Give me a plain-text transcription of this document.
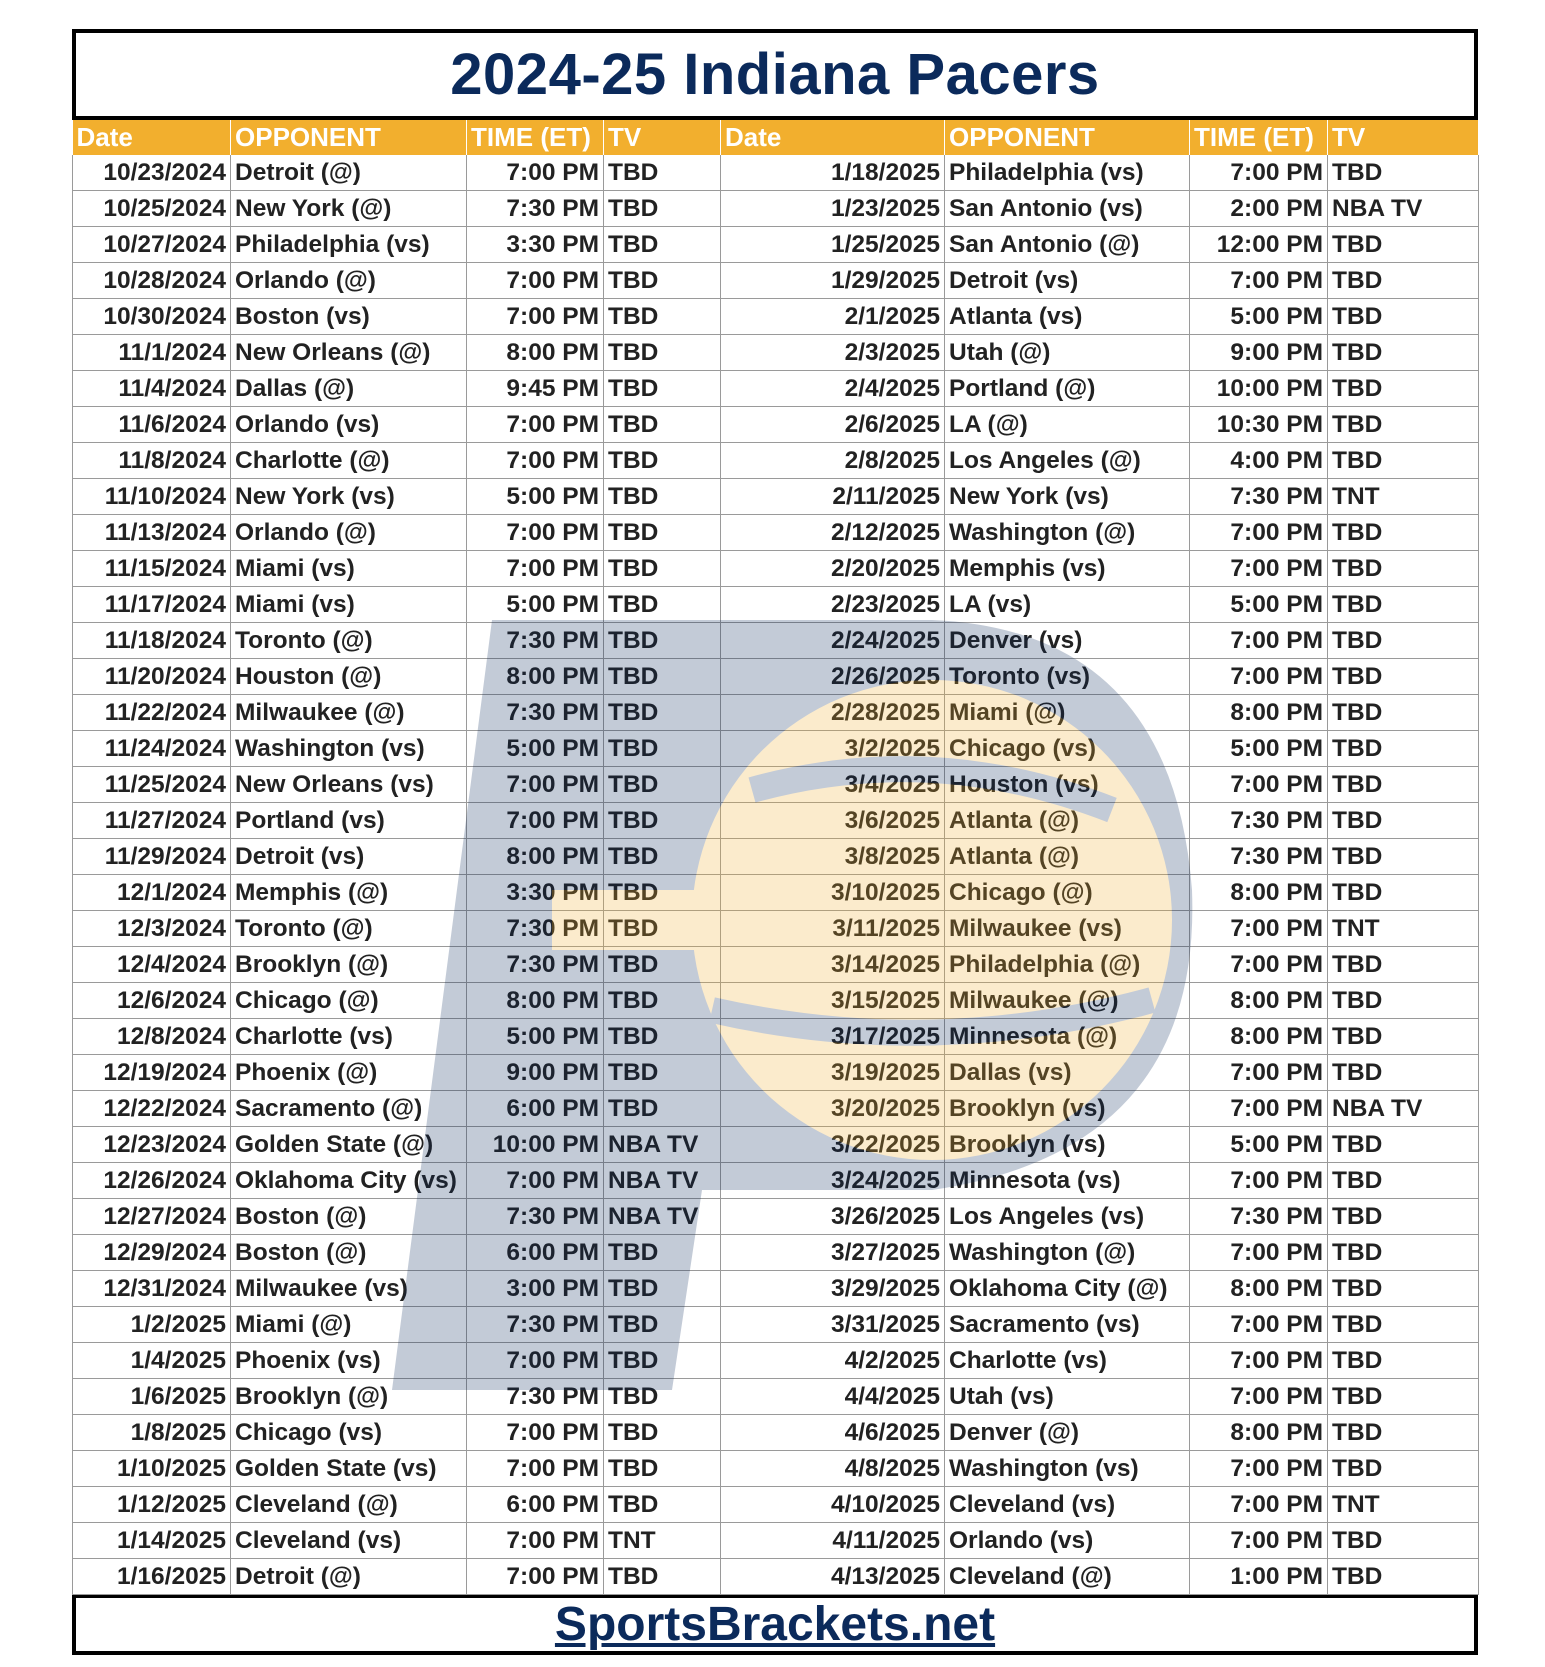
2024-25 Indiana Pacers
Date	OPPONENT	TIME (ET)	TV	Date	OPPONENT	TIME (ET)	TV
10/23/2024	Detroit (@)	7:00 PM	TBD	1/18/2025	Philadelphia (vs)	7:00 PM	TBD
10/25/2024	New York (@)	7:30 PM	TBD	1/23/2025	San Antonio (vs)	2:00 PM	NBA TV
10/27/2024	Philadelphia (vs)	3:30 PM	TBD	1/25/2025	San Antonio (@)	12:00 PM	TBD
10/28/2024	Orlando (@)	7:00 PM	TBD	1/29/2025	Detroit (vs)	7:00 PM	TBD
10/30/2024	Boston (vs)	7:00 PM	TBD	2/1/2025	Atlanta (vs)	5:00 PM	TBD
11/1/2024	New Orleans (@)	8:00 PM	TBD	2/3/2025	Utah (@)	9:00 PM	TBD
11/4/2024	Dallas (@)	9:45 PM	TBD	2/4/2025	Portland (@)	10:00 PM	TBD
11/6/2024	Orlando (vs)	7:00 PM	TBD	2/6/2025	LA (@)	10:30 PM	TBD
11/8/2024	Charlotte (@)	7:00 PM	TBD	2/8/2025	Los Angeles (@)	4:00 PM	TBD
11/10/2024	New York (vs)	5:00 PM	TBD	2/11/2025	New York (vs)	7:30 PM	TNT
11/13/2024	Orlando (@)	7:00 PM	TBD	2/12/2025	Washington (@)	7:00 PM	TBD
11/15/2024	Miami (vs)	7:00 PM	TBD	2/20/2025	Memphis (vs)	7:00 PM	TBD
11/17/2024	Miami (vs)	5:00 PM	TBD	2/23/2025	LA (vs)	5:00 PM	TBD
11/18/2024	Toronto (@)	7:30 PM	TBD	2/24/2025	Denver (vs)	7:00 PM	TBD
11/20/2024	Houston (@)	8:00 PM	TBD	2/26/2025	Toronto (vs)	7:00 PM	TBD
11/22/2024	Milwaukee (@)	7:30 PM	TBD	2/28/2025	Miami (@)	8:00 PM	TBD
11/24/2024	Washington (vs)	5:00 PM	TBD	3/2/2025	Chicago (vs)	5:00 PM	TBD
11/25/2024	New Orleans (vs)	7:00 PM	TBD	3/4/2025	Houston (vs)	7:00 PM	TBD
11/27/2024	Portland (vs)	7:00 PM	TBD	3/6/2025	Atlanta (@)	7:30 PM	TBD
11/29/2024	Detroit (vs)	8:00 PM	TBD	3/8/2025	Atlanta (@)	7:30 PM	TBD
12/1/2024	Memphis (@)	3:30 PM	TBD	3/10/2025	Chicago (@)	8:00 PM	TBD
12/3/2024	Toronto (@)	7:30 PM	TBD	3/11/2025	Milwaukee (vs)	7:00 PM	TNT
12/4/2024	Brooklyn (@)	7:30 PM	TBD	3/14/2025	Philadelphia (@)	7:00 PM	TBD
12/6/2024	Chicago (@)	8:00 PM	TBD	3/15/2025	Milwaukee (@)	8:00 PM	TBD
12/8/2024	Charlotte (vs)	5:00 PM	TBD	3/17/2025	Minnesota (@)	8:00 PM	TBD
12/19/2024	Phoenix (@)	9:00 PM	TBD	3/19/2025	Dallas (vs)	7:00 PM	TBD
12/22/2024	Sacramento (@)	6:00 PM	TBD	3/20/2025	Brooklyn (vs)	7:00 PM	NBA TV
12/23/2024	Golden State (@)	10:00 PM	NBA TV	3/22/2025	Brooklyn (vs)	5:00 PM	TBD
12/26/2024	Oklahoma City (vs)	7:00 PM	NBA TV	3/24/2025	Minnesota (vs)	7:00 PM	TBD
12/27/2024	Boston (@)	7:30 PM	NBA TV	3/26/2025	Los Angeles (vs)	7:30 PM	TBD
12/29/2024	Boston (@)	6:00 PM	TBD	3/27/2025	Washington (@)	7:00 PM	TBD
12/31/2024	Milwaukee (vs)	3:00 PM	TBD	3/29/2025	Oklahoma City (@)	8:00 PM	TBD
1/2/2025	Miami (@)	7:30 PM	TBD	3/31/2025	Sacramento (vs)	7:00 PM	TBD
1/4/2025	Phoenix (vs)	7:00 PM	TBD	4/2/2025	Charlotte (vs)	7:00 PM	TBD
1/6/2025	Brooklyn (@)	7:30 PM	TBD	4/4/2025	Utah (vs)	7:00 PM	TBD
1/8/2025	Chicago (vs)	7:00 PM	TBD	4/6/2025	Denver (@)	8:00 PM	TBD
1/10/2025	Golden State (vs)	7:00 PM	TBD	4/8/2025	Washington (vs)	7:00 PM	TBD
1/12/2025	Cleveland (@)	6:00 PM	TBD	4/10/2025	Cleveland (vs)	7:00 PM	TNT
1/14/2025	Cleveland (vs)	7:00 PM	TNT	4/11/2025	Orlando (vs)	7:00 PM	TBD
1/16/2025	Detroit (@)	7:00 PM	TBD	4/13/2025	Cleveland (@)	1:00 PM	TBD
SportsBrackets.net
